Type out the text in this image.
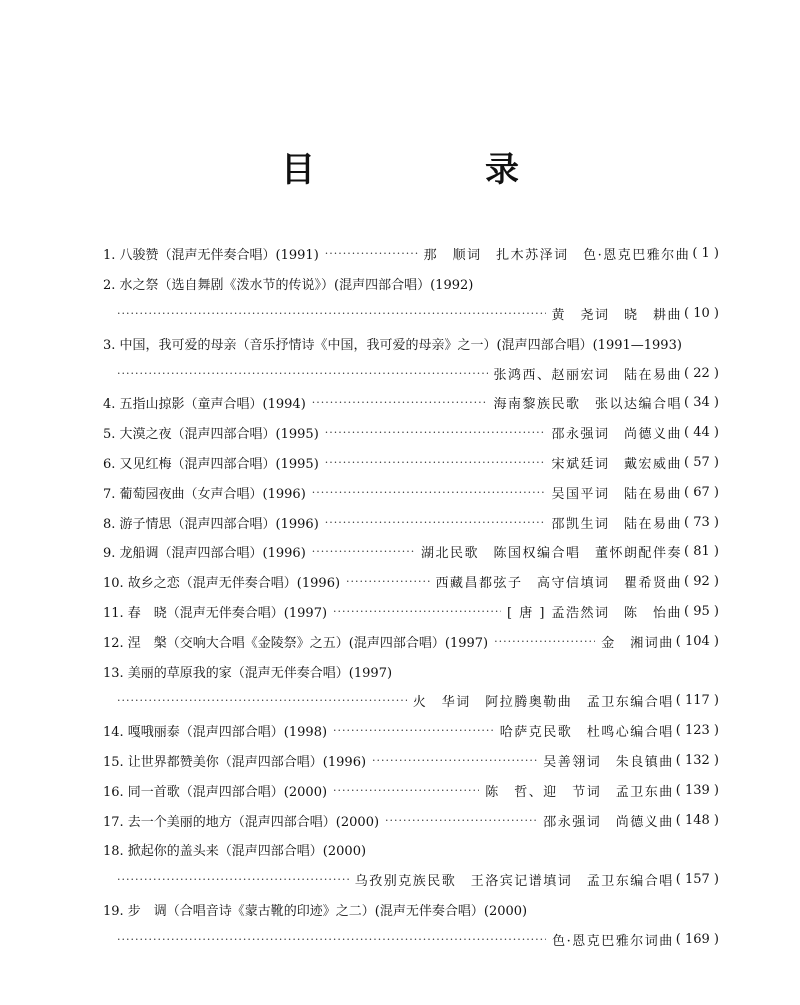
目　录
1. 八骏赞（混声无伴奏合唱）(1991) ·····	那　顺词　扎木苏泽词　色·恩克巴雅尔曲 ( 1 )
2. 水之祭（选自舞剧《泼水节的传说》）(混声四部合唱）(1992)
·····
黄　尧词　晓　耕曲 ( 10 )
3. 中国，我可爱的母亲（音乐抒情诗《中国，我可爱的母亲》之一）(混声四部合唱）(1991—1993)
·····
张鸿西、赵丽宏词　陆在易曲 ( 22 )
4. 五指山掠影（童声合唱）(1994) ·····	海南黎族民歌　张以达编合唱 ( 34 )
5. 大漠之夜（混声四部合唱）(1995) ·····	邵永强词　尚德义曲 ( 44 )
6. 又见红梅（混声四部合唱）(1995) ·····	宋斌廷词　戴宏威曲 ( 57 )
7. 葡萄园夜曲（女声合唱）(1996) ·····	吴国平词　陆在易曲 ( 67 )
8. 游子情思（混声四部合唱）(1996) ·····	邵凯生词　陆在易曲 ( 73 )
9. 龙船调（混声四部合唱）(1996) ·····	湖北民歌　陈国权编合唱　董怀朗配伴奏 ( 81 )
10. 故乡之恋（混声无伴奏合唱）(1996) ·····	西藏昌都弦子　高守信填词　瞿希贤曲 ( 92 )
11. 春　晓（混声无伴奏合唱）(1997) ·····	[ 唐 ] 孟浩然词　陈　怡曲 ( 95 )
12. 涅　槃（交响大合唱《金陵祭》之五）(混声四部合唱）(1997) ·····	金　湘词曲 ( 104 )
13. 美丽的草原我的家（混声无伴奏合唱）(1997)
·····
火　华词　阿拉腾奥勒曲　孟卫东编合唱 ( 117 )
14. 嘎哦丽泰（混声四部合唱）(1998) ·····	哈萨克民歌　杜鸣心编合唱 ( 123 )
15. 让世界都赞美你（混声四部合唱）(1996) ·····	吴善翎词　朱良镇曲 ( 132 )
16. 同一首歌（混声四部合唱）(2000) ·····	陈　哲、迎　节词　孟卫东曲 ( 139 )
17. 去一个美丽的地方（混声四部合唱）(2000) ·····	邵永强词　尚德义曲 ( 148 )
18. 掀起你的盖头来（混声四部合唱）(2000)
·····
乌孜别克族民歌　王洛宾记谱填词　孟卫东编合唱 ( 157 )
19. 步　调（合唱音诗《蒙古靴的印迹》之二）(混声无伴奏合唱）(2000)
·····
色·恩克巴雅尔词曲 ( 169 )
